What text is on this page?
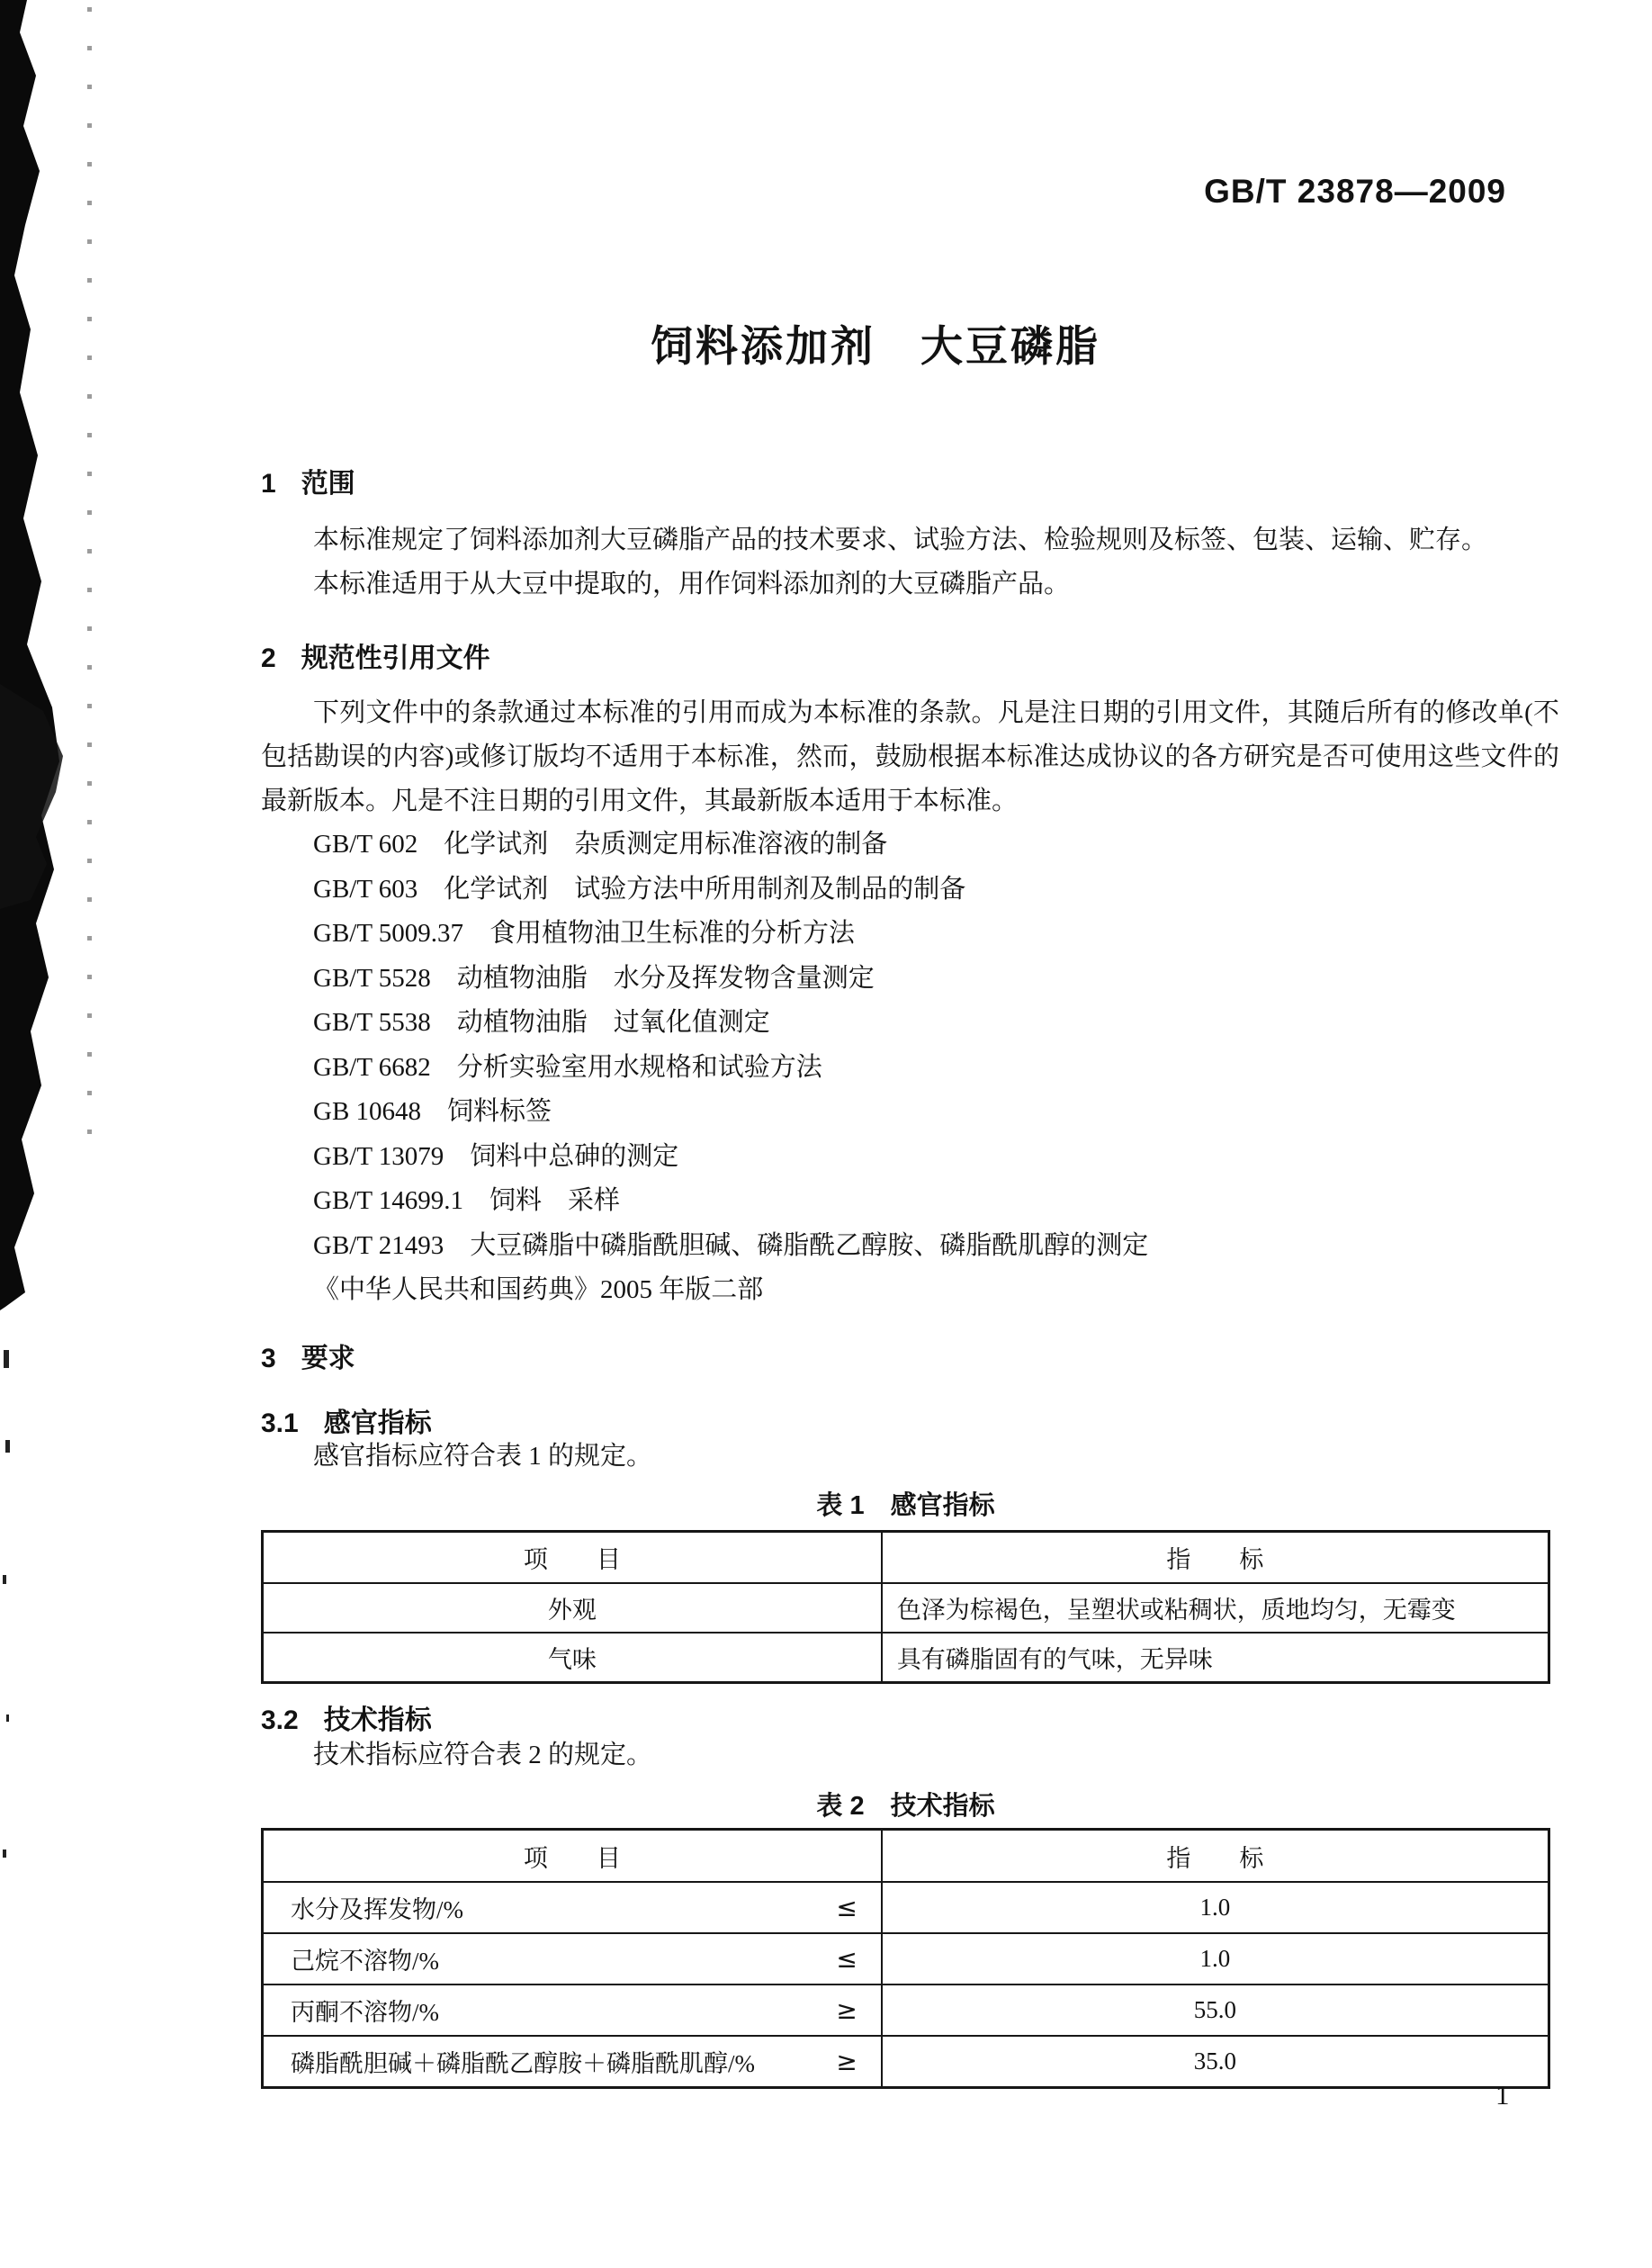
GB/T 23878—2009
饲料添加剂　大豆磷脂
1 范围

本标准规定了饲料添加剂大豆磷脂产品的技术要求、试验方法、检验规则及标签、包装、运输、贮存。

本标准适用于从大豆中提取的，用作饲料添加剂的大豆磷脂产品。

2 规范性引用文件

下列文件中的条款通过本标准的引用而成为本标准的条款。凡是注日期的引用文件，其随后所有的修改单(不包括勘误的内容)或修订版均不适用于本标准，然而，鼓励根据本标准达成协议的各方研究是否可使用这些文件的最新版本。凡是不注日期的引用文件，其最新版本适用于本标准。

GB/T 602　化学试剂　杂质测定用标准溶液的制备

GB/T 603　化学试剂　试验方法中所用制剂及制品的制备

GB/T 5009.37　食用植物油卫生标准的分析方法

GB/T 5528　动植物油脂　水分及挥发物含量测定

GB/T 5538　动植物油脂　过氧化值测定

GB/T 6682　分析实验室用水规格和试验方法

GB 10648　饲料标签

GB/T 13079　饲料中总砷的测定

GB/T 14699.1　饲料　采样

GB/T 21493　大豆磷脂中磷脂酰胆碱、磷脂酰乙醇胺、磷脂酰肌醇的测定

《中华人民共和国药典》2005 年版二部

3 要求
3.1 感官指标

感官指标应符合表 1 的规定。

表 1　感官指标
项　　目	指　　标
外观	色泽为棕褐色，呈塑状或粘稠状，质地均匀，无霉变
气味	具有磷脂固有的气味，无异味
3.2 技术指标

技术指标应符合表 2 的规定。

表 2　技术指标
项　　目	指　　标
水分及挥发物/%	≤	1.0
己烷不溶物/%	≤	1.0
丙酮不溶物/%	≥	55.0
磷脂酰胆碱＋磷脂酰乙醇胺＋磷脂酰肌醇/%	≥	35.0
1
